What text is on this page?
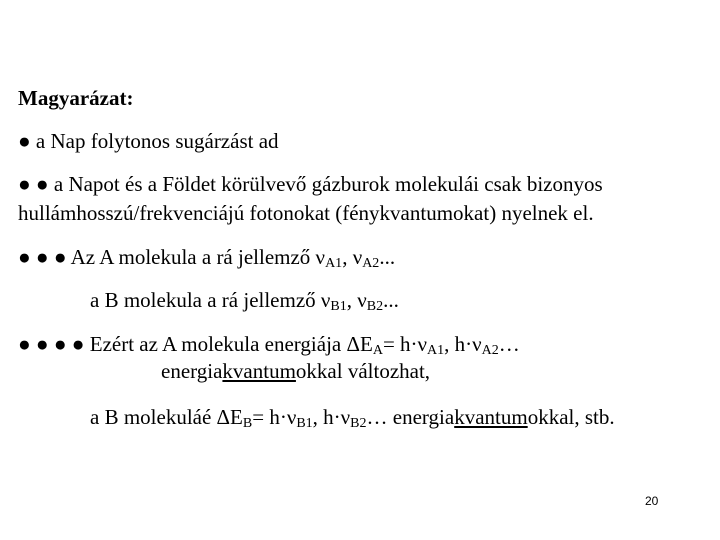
Magyarázat:
● a Nap folytonos sugárzást ad
● ● a Napot és a Földet körülvevő gázburok molekulái csak bizonyos
hullámhosszú/frekvenciájú fotonokat (fénykvantumokat) nyelnek el.
● ● ● Az A molekula a rá jellemző $\nu_{A1}$, $\nu_{A2}$...
a B molekula a rá jellemző $\nu_{B1}$, $\nu_{B2}$...
● ● ● ● Ezért az A molekula energiája $\Delta E_A= h\cdot\nu_{A1}$, $h\cdot\nu_{A2}\dots$
energiakvantumokkal változhat,
a B molekuláé $\Delta E_B= h\cdot\nu_{B1}$, $h\cdot\nu_{B2}\dots$ energiakvantumokkal, stb.
20
